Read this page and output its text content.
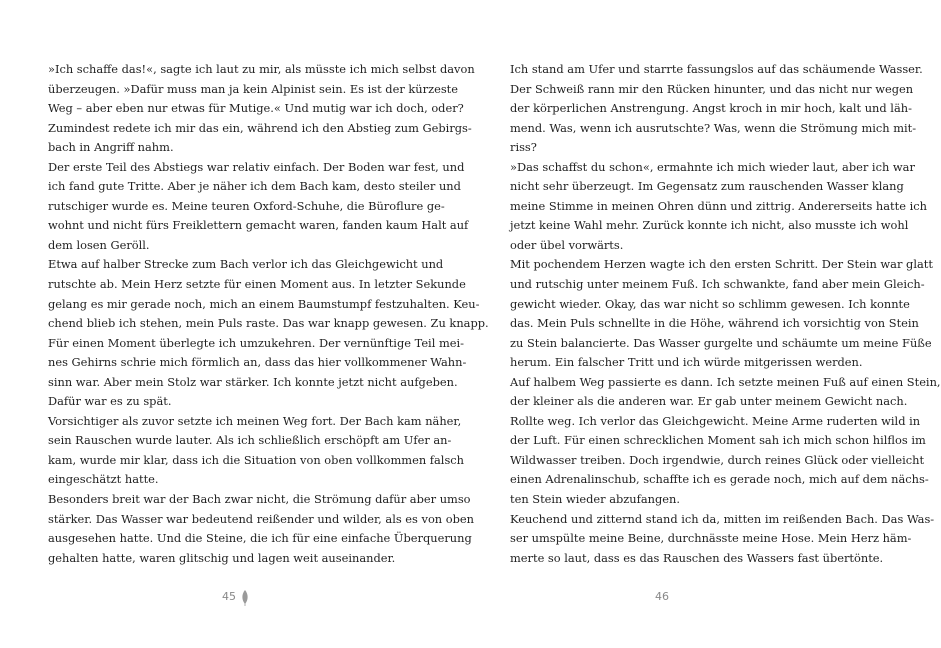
»Ich schaffe das!«, sagte ich laut zu mir, als müsste ich mich selbst davon
überzeugen. »Dafür muss man ja kein Alpinist sein. Es ist der kürzeste
Weg – aber eben nur etwas für Mutige.« Und mutig war ich doch, oder?
Zumindest redete ich mir das ein, während ich den Abstieg zum Gebirgs-
bach in Angriff nahm.
Der erste Teil des Abstiegs war relativ einfach. Der Boden war fest, und
ich fand gute Tritte. Aber je näher ich dem Bach kam, desto steiler und
rutschiger wurde es. Meine teuren Oxford-Schuhe, die Büroflure ge-
wohnt und nicht fürs Freiklettern gemacht waren, fanden kaum Halt auf
dem losen Geröll.
Etwa auf halber Strecke zum Bach verlor ich das Gleichgewicht und
rutschte ab. Mein Herz setzte für einen Moment aus. In letzter Sekunde
gelang es mir gerade noch, mich an einem Baumstumpf festzuhalten. Keu-
chend blieb ich stehen, mein Puls raste. Das war knapp gewesen. Zu knapp.
Für einen Moment überlegte ich umzukehren. Der vernünftige Teil mei-
nes Gehirns schrie mich förmlich an, dass das hier vollkommener Wahn-
sinn war. Aber mein Stolz war stärker. Ich konnte jetzt nicht aufgeben.
Dafür war es zu spät.
Vorsichtiger als zuvor setzte ich meinen Weg fort. Der Bach kam näher,
sein Rauschen wurde lauter. Als ich schließlich erschöpft am Ufer an-
kam, wurde mir klar, dass ich die Situation von oben vollkommen falsch
eingeschätzt hatte.
Besonders breit war der Bach zwar nicht, die Strömung dafür aber umso
stärker. Das Wasser war bedeutend reißender und wilder, als es von oben
ausgesehen hatte. Und die Steine, die ich für eine einfache Überquerung
gehalten hatte, waren glitschig und lagen weit auseinander.
Ich stand am Ufer und starrte fassungslos auf das schäumende Wasser.
Der Schweiß rann mir den Rücken hinunter, und das nicht nur wegen
der körperlichen Anstrengung. Angst kroch in mir hoch, kalt und läh-
mend. Was, wenn ich ausrutschte? Was, wenn die Strömung mich mit-
riss?
»Das schaffst du schon«, ermahnte ich mich wieder laut, aber ich war
nicht sehr überzeugt. Im Gegensatz zum rauschenden Wasser klang
meine Stimme in meinen Ohren dünn und zittrig. Andererseits hatte ich
jetzt keine Wahl mehr. Zurück konnte ich nicht, also musste ich wohl
oder übel vorwärts.
Mit pochendem Herzen wagte ich den ersten Schritt. Der Stein war glatt
und rutschig unter meinem Fuß. Ich schwankte, fand aber mein Gleich-
gewicht wieder. Okay, das war nicht so schlimm gewesen. Ich konnte
das. Mein Puls schnellte in die Höhe, während ich vorsichtig von Stein
zu Stein balancierte. Das Wasser gurgelte und schäumte um meine Füße
herum. Ein falscher Tritt und ich würde mitgerissen werden.
Auf halbem Weg passierte es dann. Ich setzte meinen Fuß auf einen Stein,
der kleiner als die anderen war. Er gab unter meinem Gewicht nach.
Rollte weg. Ich verlor das Gleichgewicht. Meine Arme ruderten wild in
der Luft. Für einen schrecklichen Moment sah ich mich schon hilflos im
Wildwasser treiben. Doch irgendwie, durch reines Glück oder vielleicht
einen Adrenalinschub, schaffte ich es gerade noch, mich auf dem nächs-
ten Stein wieder abzufangen.
Keuchend und zitternd stand ich da, mitten im reißenden Bach. Das Was-
ser umspülte meine Beine, durchnässte meine Hose. Mein Herz häm-
merte so laut, dass es das Rauschen des Wassers fast übertönte.
45	46
